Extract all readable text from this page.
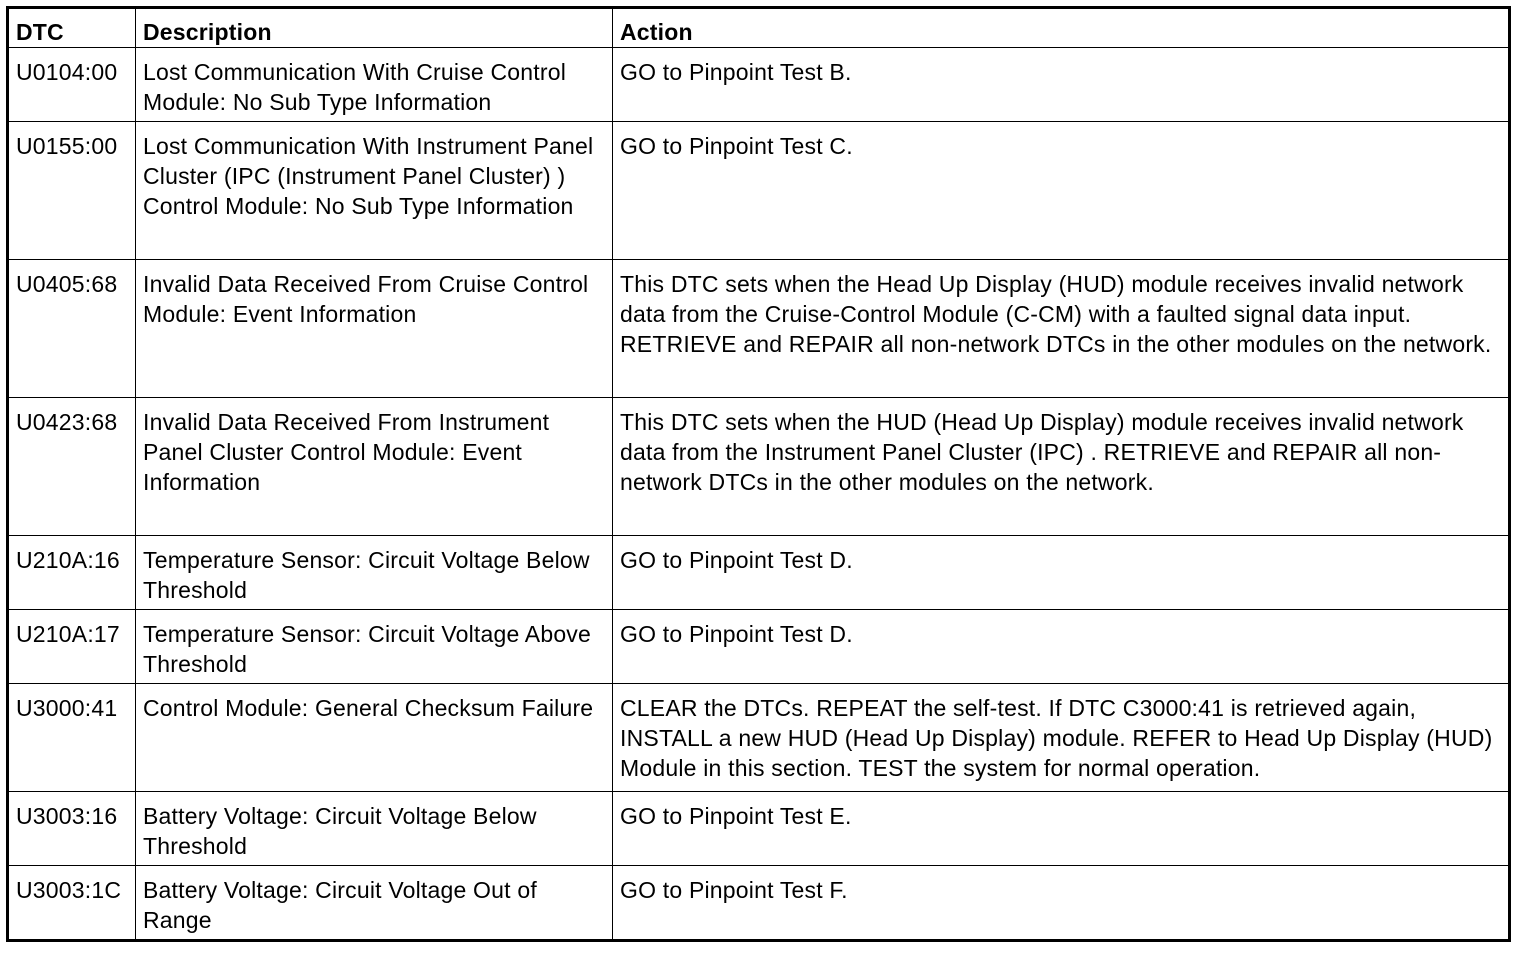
DTC	Description	Action
U0104:00	Lost Communication With Cruise Control Module: No Sub Type Information	GO to Pinpoint Test B.
U0155:00	Lost Communication With Instrument Panel Cluster (IPC (Instrument Panel Cluster) ) Control Module: No Sub Type Information	GO to Pinpoint Test C.
U0405:68	Invalid Data Received From Cruise Control Module: Event Information	This DTC sets when the Head Up Display (HUD) module receives invalid network data from the Cruise-Control Module (C-CM) with a faulted signal data input. RETRIEVE and REPAIR all non-network DTCs in the other modules on the network.
U0423:68	Invalid Data Received From Instrument Panel Cluster Control Module: Event Information	This DTC sets when the HUD (Head Up Display) module receives invalid network data from the Instrument Panel Cluster (IPC) . RETRIEVE and REPAIR all non-network DTCs in the other modules on the network.
U210A:16	Temperature Sensor: Circuit Voltage Below Threshold	GO to Pinpoint Test D.
U210A:17	Temperature Sensor: Circuit Voltage Above Threshold	GO to Pinpoint Test D.
U3000:41	Control Module: General Checksum Failure	CLEAR the DTCs. REPEAT the self-test. If DTC C3000:41 is retrieved again, INSTALL a new HUD (Head Up Display) module. REFER to Head Up Display (HUD) Module in this section. TEST the system for normal operation.
U3003:16	Battery Voltage: Circuit Voltage Below Threshold	GO to Pinpoint Test E.
U3003:1C	Battery Voltage: Circuit Voltage Out of Range	GO to Pinpoint Test F.
